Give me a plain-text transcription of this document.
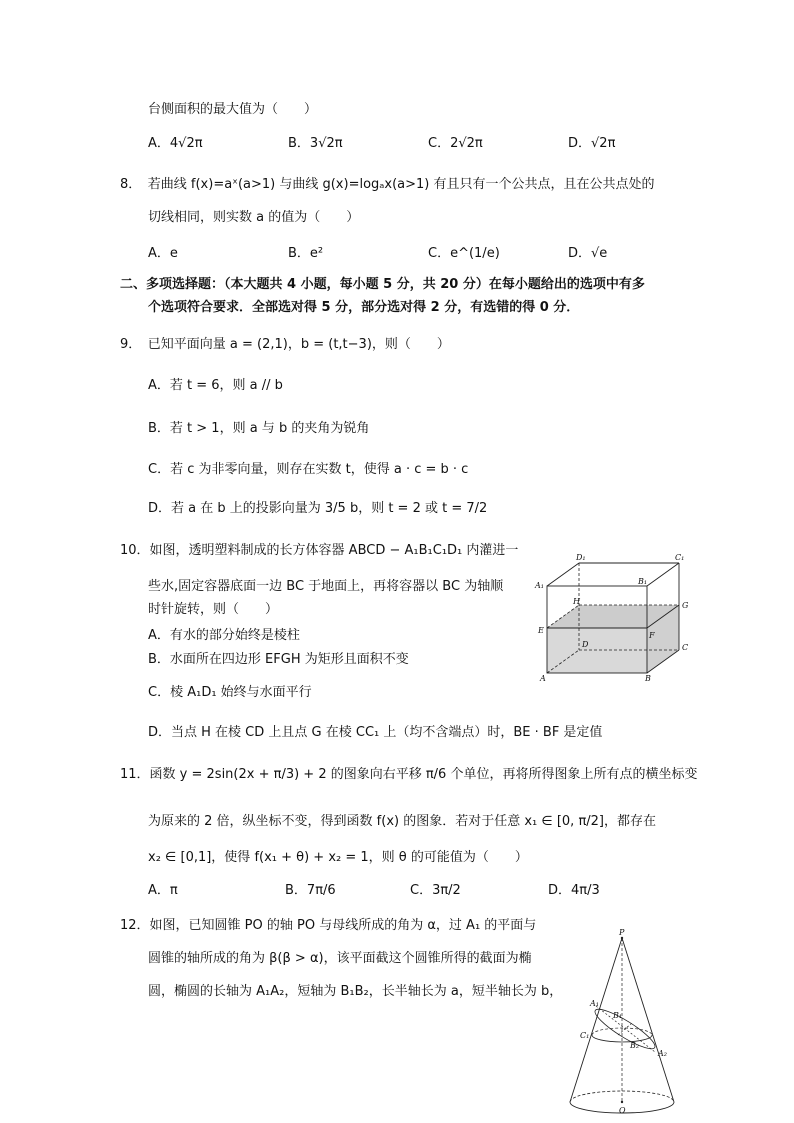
台侧面积的最大值为（　　）
A．4√2π	B．3√2π	C．2√2π	D．√2π
8．　若曲线 f(x)=aˣ(a>1) 与曲线 g(x)=logₐx(a>1) 有且只有一个公共点，且在公共点处的
切线相同，则实数 a 的值为（　　）
A．e	B．e²	C．e^(1/e)	D．√e
二、多项选择题：（本大题共 4 小题，每小题 5 分，共 20 分）在每小题给出的选项中有多
个选项符合要求．全部选对得 5 分，部分选对得 2 分，有选错的得 0 分．
9．　已知平面向量 a = (2,1)，b = (t,t−3)，则（　　）
A．若 t = 6，则 a // b
B．若 t > 1，则 a 与 b 的夹角为锐角
C．若 c 为非零向量，则存在实数 t，使得 a · c = b · c
D．若 a 在 b 上的投影向量为 3/5 b，则 t = 2 或 t = 7/2
10．如图，透明塑料制成的长方体容器 ABCD − A₁B₁C₁D₁ 内灌进一
些水,固定容器底面一边 BC 于地面上，再将容器以 BC 为轴顺
时针旋转，则（　　）
A．有水的部分始终是棱柱
B．水面所在四边形 EFGH 为矩形且面积不变
C．棱 A₁D₁ 始终与水面平行
D．当点 H 在棱 CD 上且点 G 在棱 CC₁ 上（均不含端点）时，BE · BF 是定值
D₁	C₁
A₁	B₁
H	G
E
F
D	C
A	B
11．函数 y = 2sin(2x + π/3) + 2 的图象向右平移 π/6 个单位，再将所得图象上所有点的横坐标变
为原来的 2 倍，纵坐标不变，得到函数 f(x) 的图象．若对于任意 x₁ ∈ [0, π/2]，都存在
x₂ ∈ [0,1]，使得 f(x₁ + θ) + x₂ = 1，则 θ 的可能值为（　　）
A．π	B．7π/6	C．3π/2	D．4π/3
12．如图，已知圆锥 PO 的轴 PO 与母线所成的角为 α，过 A₁ 的平面与
圆锥的轴所成的角为 β(β > α)，该平面截这个圆锥所得的截面为椭
圆，椭圆的长轴为 A₁A₂，短轴为 B₁B₂，长半轴长为 a，短半轴长为 b，
P
A₁
B₁
C₁
B₂
A₂
O
